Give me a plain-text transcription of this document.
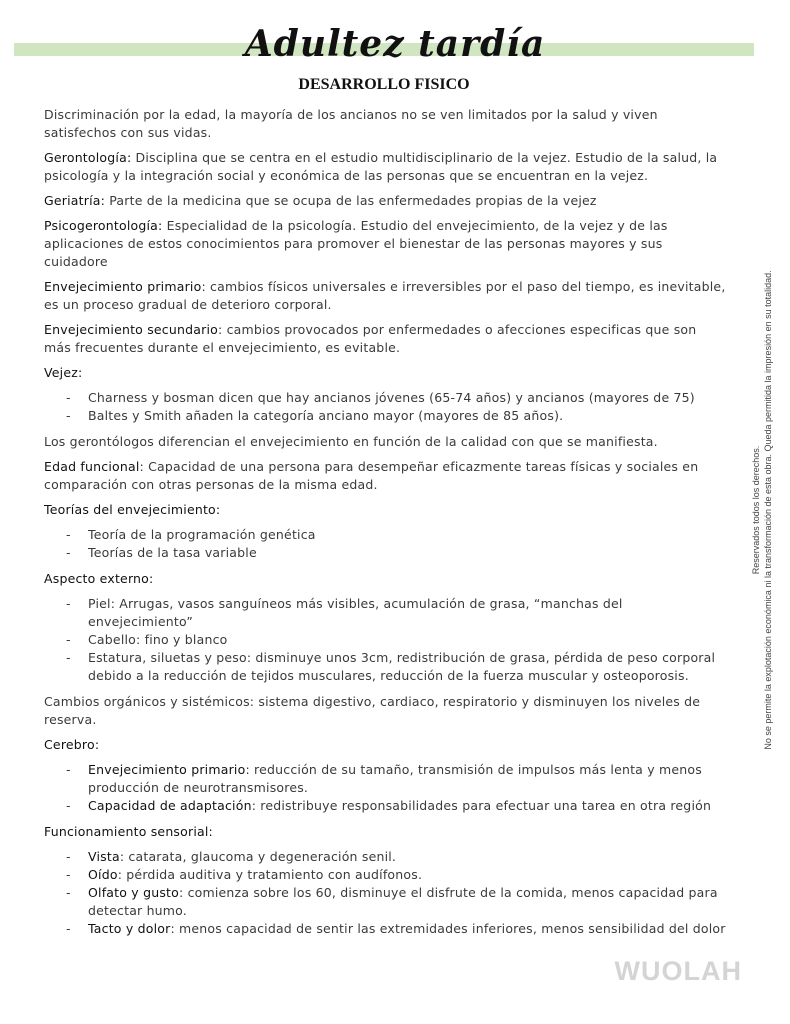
Adultez tardía
DESARROLLO FISICO

Discriminación por la edad, la mayoría de los ancianos no se ven limitados por la salud y viven satisfechos con sus vidas.

Gerontología: Disciplina que se centra en el estudio multidisciplinario de la vejez. Estudio de la salud, la psicología y la integración social y económica de las personas que se encuentran en la vejez.

Geriatría: Parte de la medicina que se ocupa de las enfermedades propias de la vejez

Psicogerontología: Especialidad de la psicología. Estudio del envejecimiento, de la vejez y de las aplicaciones de estos conocimientos para promover el bienestar de las personas mayores y sus cuidadore

Envejecimiento primario: cambios físicos universales e irreversibles por el paso del tiempo, es inevitable, es un proceso gradual de deterioro corporal.

Envejecimiento secundario: cambios provocados por enfermedades o afecciones especificas que son más frecuentes durante el envejecimiento, es evitable.

Vejez:

- Charness y bosman dicen que hay ancianos jóvenes (65-74 años) y ancianos (mayores de 75)
- Baltes y Smith añaden la categoría anciano mayor (mayores de 85 años).

Los gerontólogos diferencian el envejecimiento en función de la calidad con que se manifiesta.

Edad funcional: Capacidad de una persona para desempeñar eficazmente tareas físicas y sociales en comparación con otras personas de la misma edad.

Teorías del envejecimiento:

- Teoría de la programación genética
- Teorías de la tasa variable

Aspecto externo:

- Piel: Arrugas, vasos sanguíneos más visibles, acumulación de grasa, “manchas del envejecimiento”
- Cabello: fino y blanco
- Estatura, siluetas y peso: disminuye unos 3cm, redistribución de grasa, pérdida de peso corporal debido a la reducción de tejidos musculares, reducción de la fuerza muscular y osteoporosis.

Cambios orgánicos y sistémicos: sistema digestivo, cardiaco, respiratorio y disminuyen los niveles de reserva.

Cerebro:

- Envejecimiento primario: reducción de su tamaño, transmisión de impulsos más lenta y menos producción de neurotransmisores.
- Capacidad de adaptación: redistribuye responsabilidades para efectuar una tarea en otra región

Funcionamiento sensorial:

- Vista: catarata, glaucoma y degeneración senil.
- Oído: pérdida auditiva y tratamiento con audífonos.
- Olfato y gusto: comienza sobre los 60, disminuye el disfrute de la comida, menos capacidad para detectar humo.
- Tacto y dolor: menos capacidad de sentir las extremidades inferiores, menos sensibilidad del dolor
Reservados todos los derechos. No se permite la explotación económica ni la transformación de esta obra. Queda permitida la impresión en su totalidad.
WUOLAH
